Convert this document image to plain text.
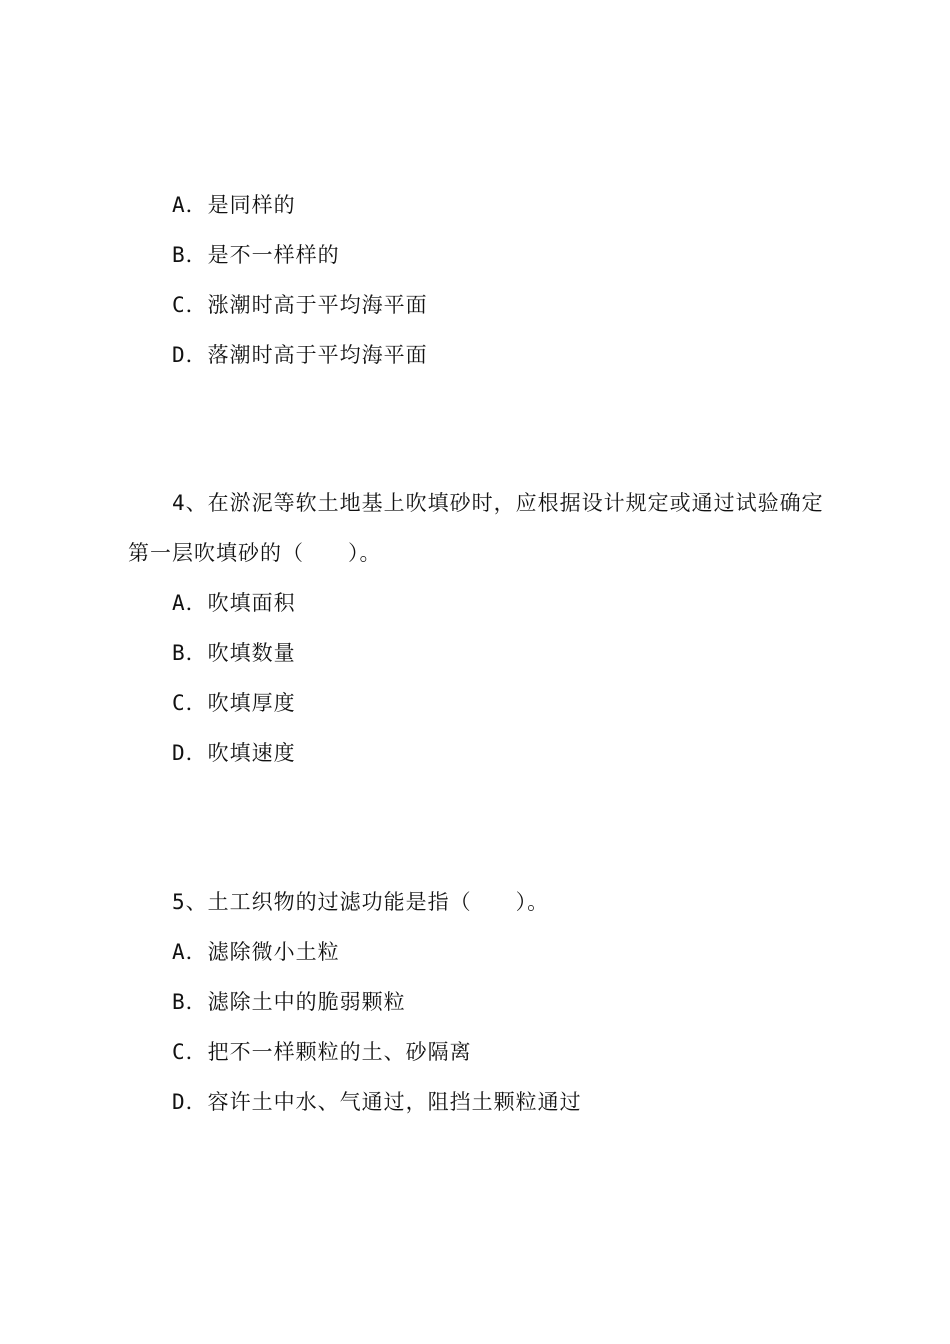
A．是同样的
B．是不一样样的
C．涨潮时高于平均海平面
D．落潮时高于平均海平面
4、在淤泥等软土地基上吹填砂时，应根据设计规定或通过试验确定
第一层吹填砂的（　　）。
A．吹填面积
B．吹填数量
C．吹填厚度
D．吹填速度
5、土工织物的过滤功能是指（　　）。
A．滤除微小土粒
B．滤除土中的脆弱颗粒
C．把不一样颗粒的土、砂隔离
D．容许土中水、气通过，阻挡土颗粒通过
